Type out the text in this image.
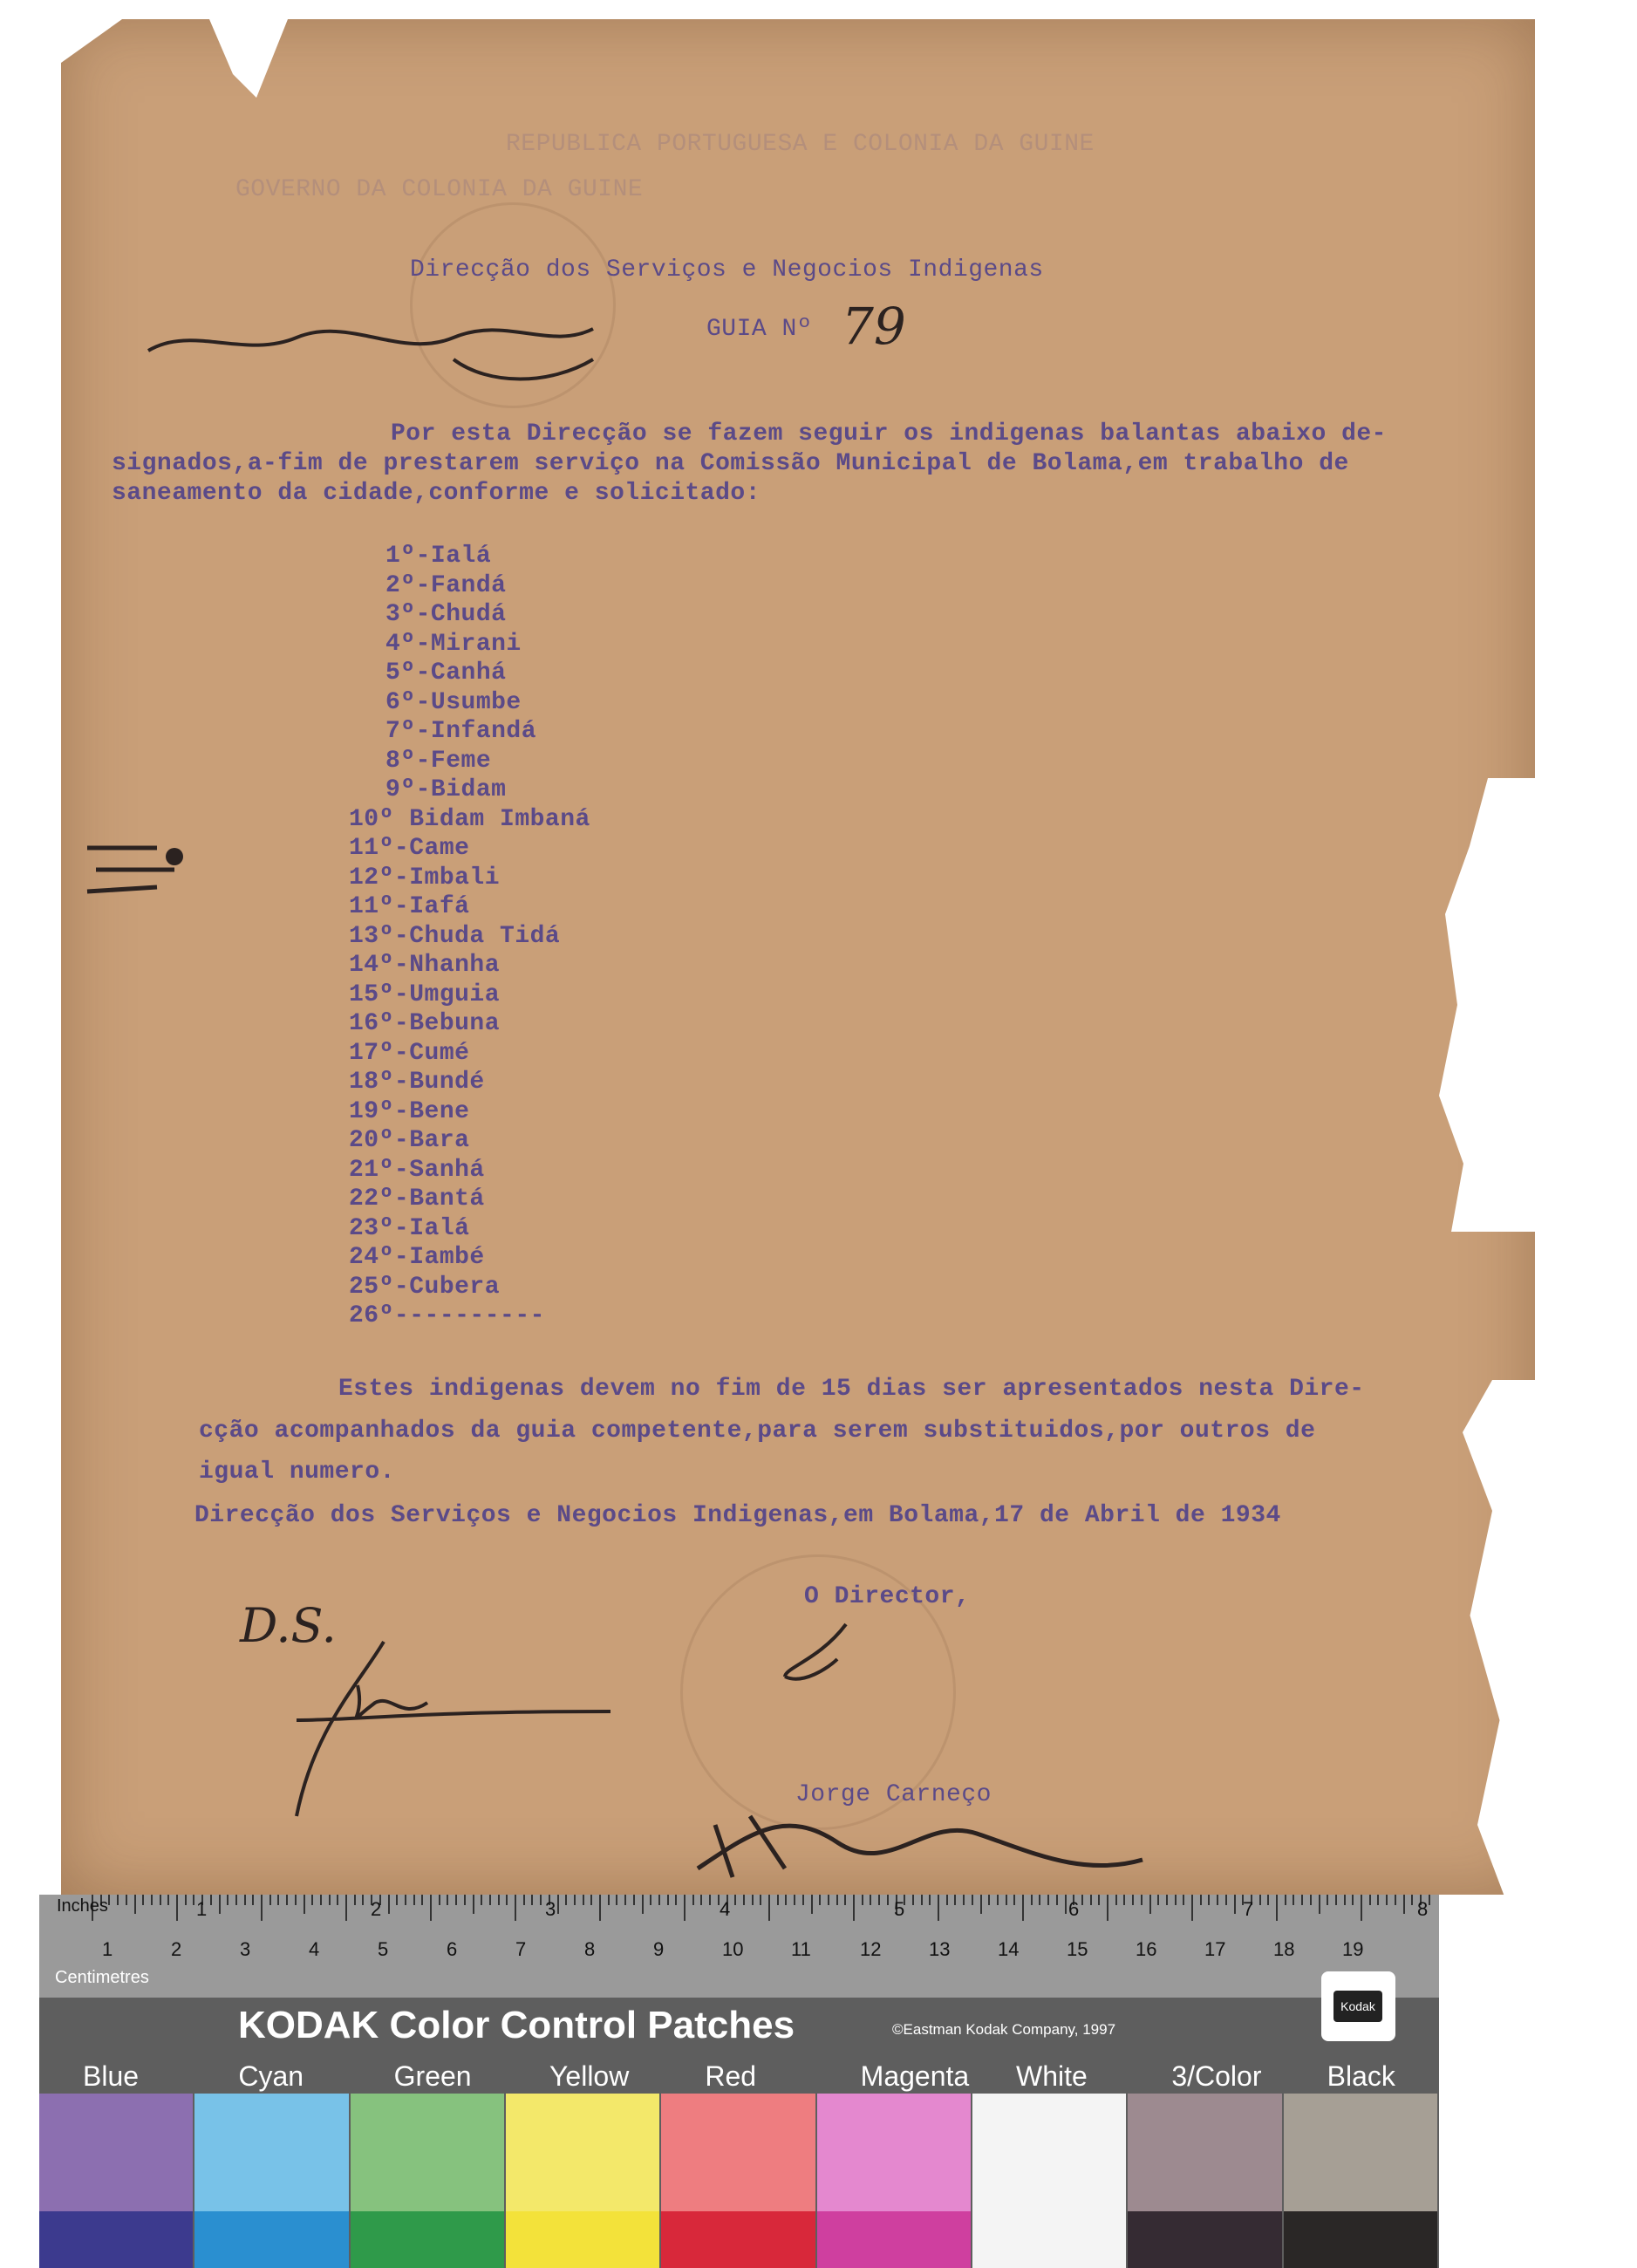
REPUBLICA PORTUGUESA E COLONIA DA GUINE
GOVERNO DA COLONIA DA GUINE
Direcção dos Serviços e Negocios Indigenas
GUIA Nº 79
Por esta Direcção se fazem seguir os indigenas balantas abaixo de-
signados,a-fim de prestarem serviço na Comissão Municipal de Bolama,em trabalho de
saneamento da cidade,conforme e solicitado:
1º-Ialá
2º-Fandá
3º-Chudá
4º-Mirani
5º-Canhá
6º-Usumbe
7º-Infandá
8º-Feme
9º-Bidam
10º Bidam Imbaná
11º-Came
12º-Imbali
11º-Iafá
13º-Chuda Tidá
14º-Nhanha
15º-Umguia
16º-Bebuna
17º-Cumé
18º-Bundé
19º-Bene
20º-Bara
21º-Sanhá
22º-Bantá
23º-Ialá
24º-Iambé
25º-Cubera
26º----------
Estes indigenas devem no fim de 15 dias ser apresentados nesta Dire-
cção acompanhados da guia competente,para serem substituidos,por outros de
igual numero.
Direcção dos Serviços e Negocios Indigenas,em Bolama,17 de Abril de 1934
O Director,
D.S.
Jorge Carneço
Inches
Centimetres
1	2	3	4	5	6	7	8
1	2	3	4	5	6	7	8	9	10 11	12 13 14 15 16 17 18 19
KODAK Color Control Patches	©Eastman Kodak Company, 1997
Kodak
Blue	Cyan	Green	Yellow	Red	Magenta White	3/Color Black
